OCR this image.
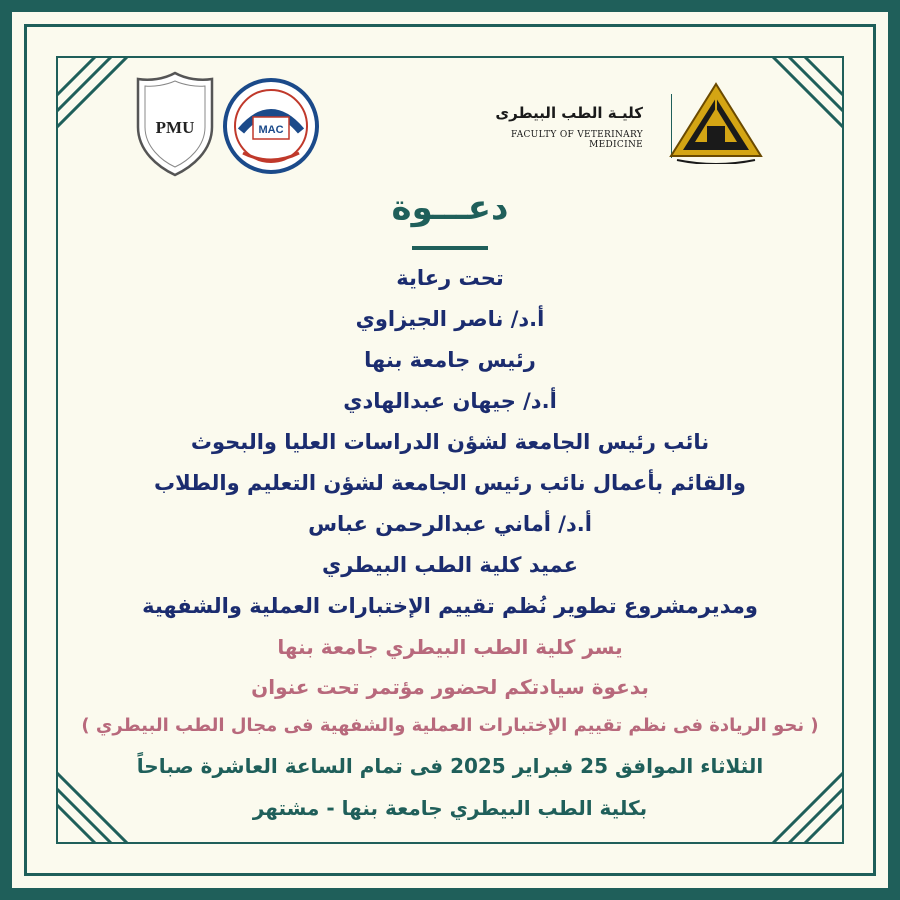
PMU	MAC
كليـة الطب البيطرى
FACULTY OF VETERINARY MEDICINE
دعـــوة

تحت رعاية

أ.د/ ناصر الجيزاوي

رئيس جامعة بنها

أ.د/ جيهان عبدالهادي

نائب رئيس الجامعة لشؤن الدراسات العليا والبحوث

والقائم بأعمال نائب رئيس الجامعة لشؤن التعليم والطلاب

أ.د/ أماني عبدالرحمن عباس

عميد كلية الطب البيطري

ومديرمشروع تطوير نُظم تقييم الإختبارات العملية والشفهية

يسر كلية الطب البيطري جامعة بنها

بدعوة سيادتكم لحضور مؤتمر تحت عنوان

( نحو الريادة فى نظم تقييم الإختبارات العملية والشفهية فى مجال الطب البيطري )

الثلاثاء الموافق 25 فبراير 2025 فى تمام الساعة العاشرة صباحاً

بكلية الطب البيطري جامعة بنها - مشتهر
